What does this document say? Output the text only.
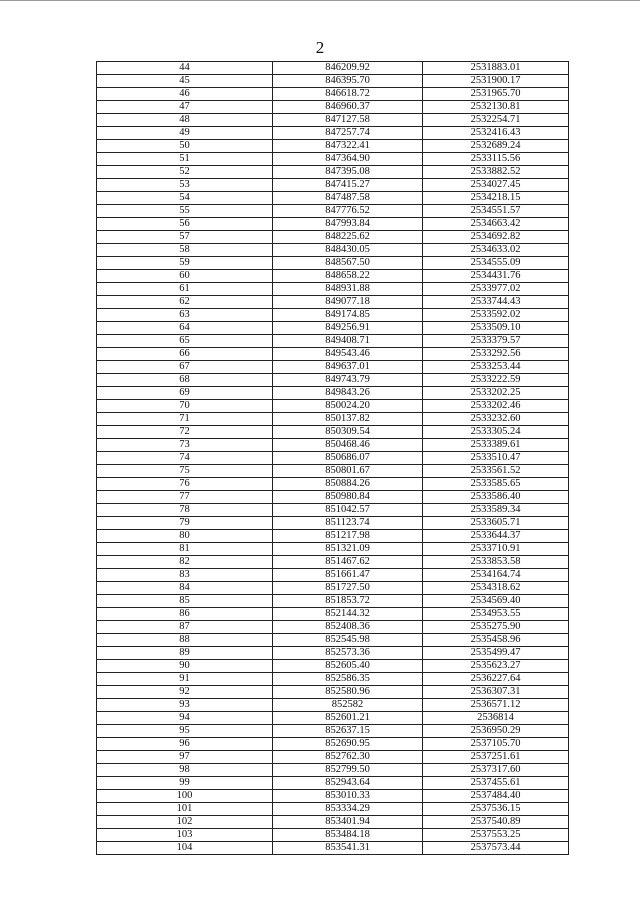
2
44	846209.92	2531883.01
45	846395.70	2531900.17
46	846618.72	2531965.70
47	846960.37	2532130.81
48	847127.58	2532254.71
49	847257.74	2532416.43
50	847322.41	2532689.24
51	847364.90	2533115.56
52	847395.08	2533882.52
53	847415.27	2534027.45
54	847487.58	2534218.15
55	847776.52	2534551.57
56	847993.84	2534663.42
57	848225.62	2534692.82
58	848430.05	2534633.02
59	848567.50	2534555.09
60	848658.22	2534431.76
61	848931.88	2533977.02
62	849077.18	2533744.43
63	849174.85	2533592.02
64	849256.91	2533509.10
65	849408.71	2533379.57
66	849543.46	2533292.56
67	849637.01	2533253.44
68	849743.79	2533222.59
69	849843.26	2533202.25
70	850024.20	2533202.46
71	850137.82	2533232.60
72	850309.54	2533305.24
73	850468.46	2533389.61
74	850686.07	2533510.47
75	850801.67	2533561.52
76	850884.26	2533585.65
77	850980.84	2533586.40
78	851042.57	2533589.34
79	851123.74	2533605.71
80	851217.98	2533644.37
81	851321.09	2533710.91
82	851467.62	2533853.58
83	851661.47	2534164.74
84	851727.50	2534318.62
85	851853.72	2534569.40
86	852144.32	2534953.55
87	852408.36	2535275.90
88	852545.98	2535458.96
89	852573.36	2535499.47
90	852605.40	2535623.27
91	852586.35	2536227.64
92	852580.96	2536307.31
93	852582	2536571.12
94	852601.21	2536814
95	852637.15	2536950.29
96	852690.95	2537105.70
97	852762.30	2537251.61
98	852799.50	2537317.60
99	852943.64	2537455.61
100	853010.33	2537484.40
101	853334.29	2537536.15
102	853401.94	2537540.89
103	853484.18	2537553.25
104	853541.31	2537573.44
